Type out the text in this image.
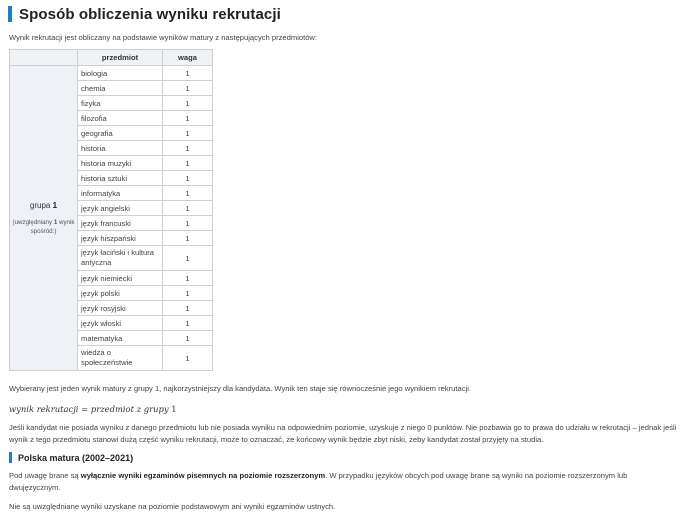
Sposób obliczenia wyniku rekrutacji
Wynik rekrutacji jest obliczany na podstawie wyników matury z następujących przedmiotów:
	przedmiot	waga

grupa 1
(uwzględniany 1 wynik spośród:)	biologia	1
	chemia	1
	fizyka	1
	filozofia	1
	geografia	1
	historia	1
	historia muzyki	1
	historia sztuki	1
	informatyka	1
	język angielski	1
	język francuski	1
	język hiszpański	1
	język łaciński i kultura antyczna	1
	język niemiecki	1
	język polski	1
	język rosyjski	1
	język włoski	1
	matematyka	1
	wiedza o społeczeństwie	1
Wybierany jest jeden wynik matury z grupy 1, najkorzystniejszy dla kandydata. Wynik ten staje się równocześnie jego wynikiem rekrutacji.
wynik rekrutacji = przedmiot z grupy 1
Jeśli kandydat nie posiada wyniku z danego przedmiotu lub nie posiada wyniku na odpowiednim poziomie, uzyskuje z niego 0 punktów. Nie pozbawia go to prawa do udziału w rekrutacji – jednak jeśli wynik z tego przedmiotu stanowi dużą część wyniku rekrutacji, może to oznaczać, że końcowy wynik będzie zbyt niski, żeby kandydat został przyjęty na studia.
Polska matura (2002–2021)
Pod uwagę brane są wyłącznie wyniki egzaminów pisemnych na poziomie rozszerzonym. W przypadku języków obcych pod uwagę brane są wyniki na poziomie rozszerzonym lub dwujęzycznym.
Nie są uwzględniane wyniki uzyskane na poziomie podstawowym ani wyniki egzaminów ustnych.
